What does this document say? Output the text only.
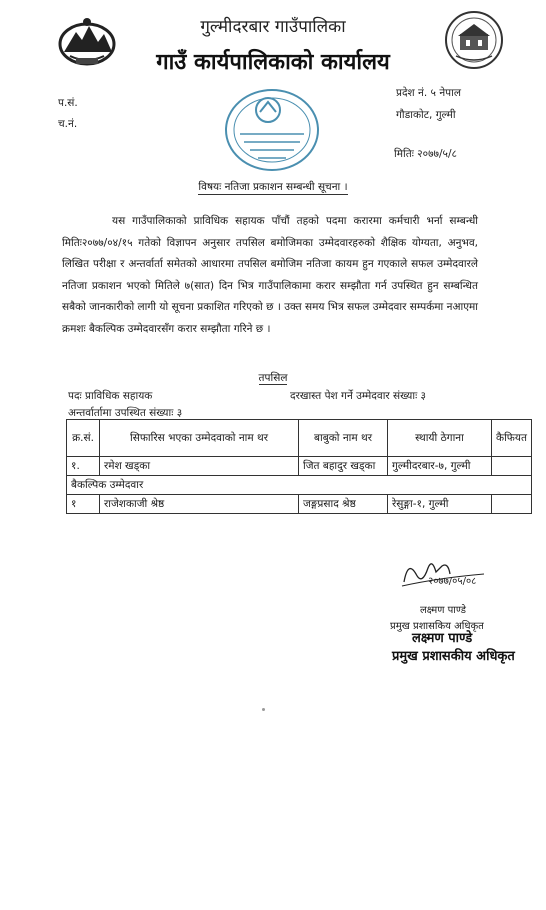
गुल्मीदरबार गाउँपालिका
गाउँ कार्यपालिकाको कार्यालय
प्रदेश नं. ५ नेपाल
गौडाकोट, गुल्मी
प.सं.
च.नं.
मितिः २०७७/५/८
विषयः नतिजा प्रकाशन सम्बन्धी सूचना ।
यस गाउँपालिकाको प्राविधिक सहायक पाँचौं तहको पदमा करारमा कर्मचारी भर्ना सम्बन्धी मितिः२०७७/०४/१५ गतेको विज्ञापन अनुसार तपसिल बमोजिमका उम्मेदवारहरुको शैक्षिक योग्यता, अनुभव, लिखित परीक्षा र अन्तर्वार्ता समेतको आधारमा तपसिल बमोजिम नतिजा कायम हुन गएकाले सफल उम्मेदवारले नतिजा प्रकाशन भएको मितिले ७(सात) दिन भित्र गाउँपालिकामा करार सम्झौता गर्न उपस्थित हुन सम्बन्धित सबैको जानकारीको लागी यो सूचना प्रकाशित गरिएको छ । उक्त समय भित्र सफल उम्मेदवार सम्पर्कमा नआएमा क्रमशः बैकल्पिक उम्मेदवारसँग करार सम्झौता गरिने छ ।
तपसिल
पदः प्राविधिक सहायक	दरखास्त पेश गर्ने उम्मेदवार संख्याः ३
अन्तर्वार्तामा उपस्थित संख्याः ३
क्र.सं.	सिफारिस भएका उम्मेदवाको नाम थर	बाबुको नाम थर	स्थायी ठेगाना	कैफियत
१.	रमेश खड्का	जित बहादुर खड्का	गुल्मीदरबार-७, गुल्मी	
बैकल्पिक उम्मेदवार				
१	राजेशकाजी श्रेष्ठ	जङ्गप्रसाद श्रेष्ठ	रेसुङ्गा-१, गुल्मी	
२०७७/०५/०८
लक्ष्मण पाण्डे
प्रमुख प्रशासकिय अधिकृत
लक्ष्मण पाण्डे
प्रमुख प्रशासकीय अधिकृत
